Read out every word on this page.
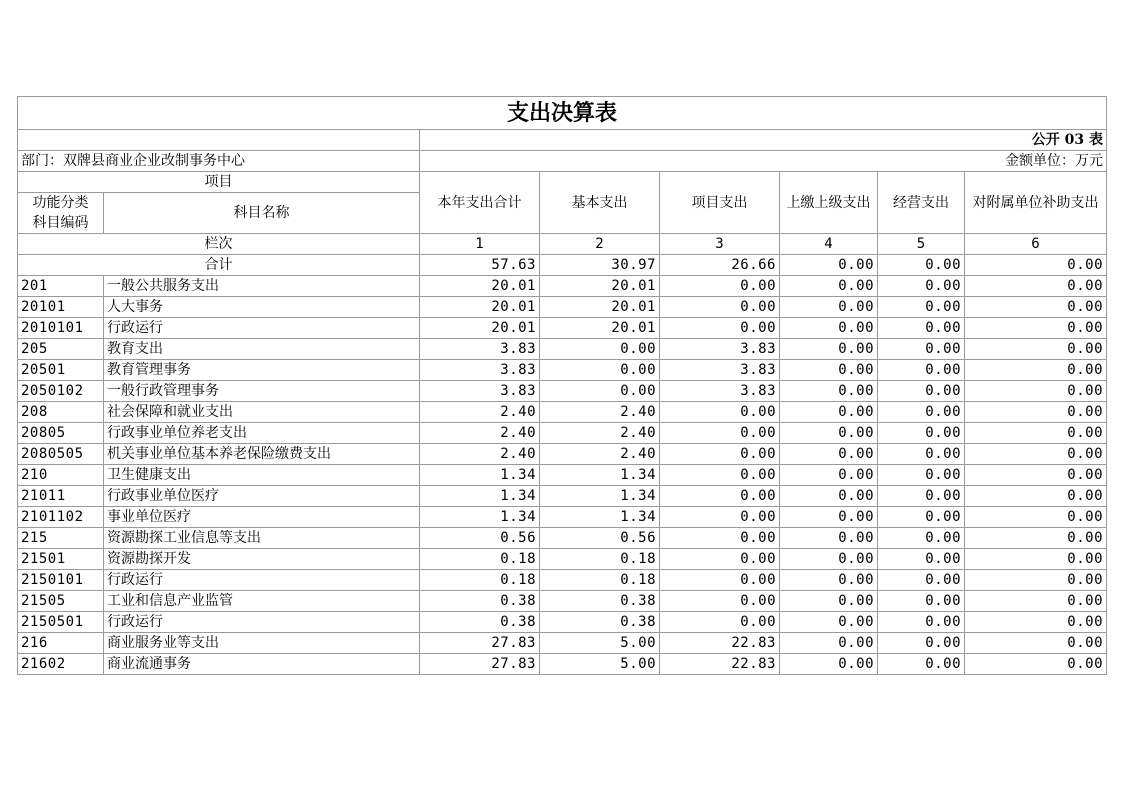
支出决算表							
		公开 03 表					
部门：双牌县商业企业改制事务中心		金额单位：万元					
项目		本年支出合计	基本支出	项目支出	上缴上级支出	经营支出	对附属单位补助支出
功能分类
科目编码	科目名称						
栏次		1	2	3	4	5	6
合计		57.63	30.97	26.66	0.00	0.00	0.00
201	一般公共服务支出	20.01	20.01	0.00	0.00	0.00	0.00
20101	人大事务	20.01	20.01	0.00	0.00	0.00	0.00
2010101	行政运行	20.01	20.01	0.00	0.00	0.00	0.00
205	教育支出	3.83	0.00	3.83	0.00	0.00	0.00
20501	教育管理事务	3.83	0.00	3.83	0.00	0.00	0.00
2050102	一般行政管理事务	3.83	0.00	3.83	0.00	0.00	0.00
208	社会保障和就业支出	2.40	2.40	0.00	0.00	0.00	0.00
20805	行政事业单位养老支出	2.40	2.40	0.00	0.00	0.00	0.00
2080505	机关事业单位基本养老保险缴费支出	2.40	2.40	0.00	0.00	0.00	0.00
210	卫生健康支出	1.34	1.34	0.00	0.00	0.00	0.00
21011	行政事业单位医疗	1.34	1.34	0.00	0.00	0.00	0.00
2101102	事业单位医疗	1.34	1.34	0.00	0.00	0.00	0.00
215	资源勘探工业信息等支出	0.56	0.56	0.00	0.00	0.00	0.00
21501	资源勘探开发	0.18	0.18	0.00	0.00	0.00	0.00
2150101	行政运行	0.18	0.18	0.00	0.00	0.00	0.00
21505	工业和信息产业监管	0.38	0.38	0.00	0.00	0.00	0.00
2150501	行政运行	0.38	0.38	0.00	0.00	0.00	0.00
216	商业服务业等支出	27.83	5.00	22.83	0.00	0.00	0.00
21602	商业流通事务	27.83	5.00	22.83	0.00	0.00	0.00
